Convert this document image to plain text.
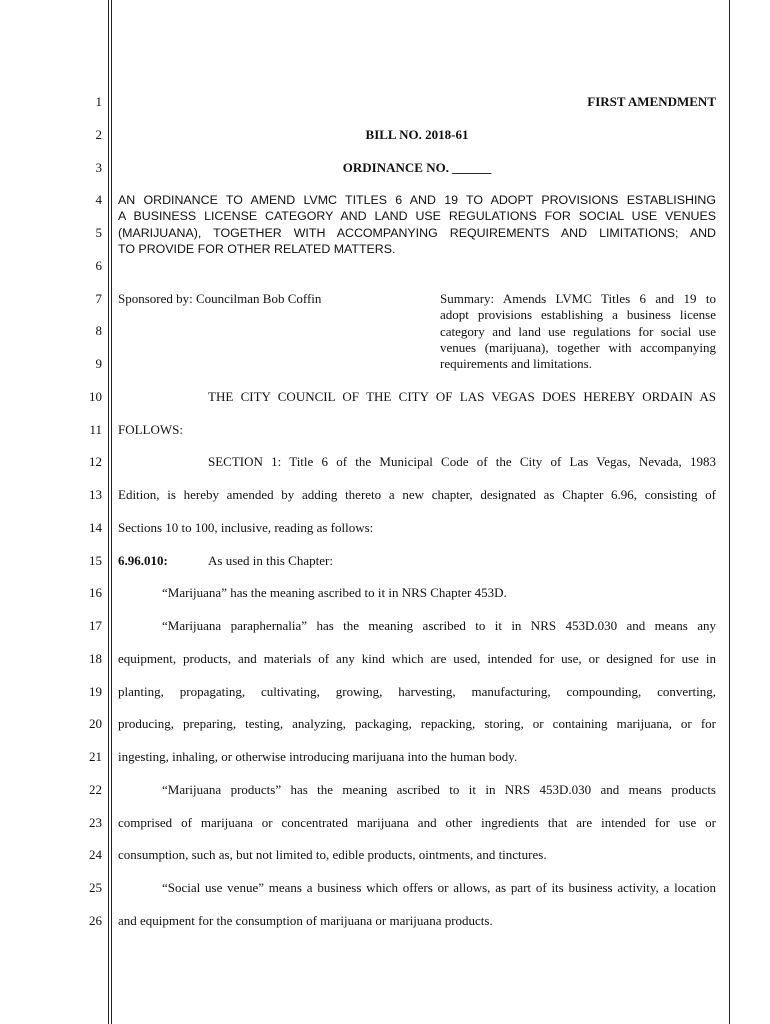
1
2
3
4
5
6
7
8
9
10
11
12
13
14
15
16
17
18
19
20
21
22
23
24
25
26
FIRST AMENDMENT
BILL NO. 2018-61
ORDINANCE NO. ______
AN ORDINANCE TO AMEND LVMC TITLES 6 AND 19 TO ADOPT PROVISIONS ESTABLISHING
A BUSINESS LICENSE CATEGORY AND LAND USE REGULATIONS FOR SOCIAL USE VENUES
(MARIJUANA), TOGETHER WITH ACCOMPANYING REQUIREMENTS AND LIMITATIONS; AND
TO PROVIDE FOR OTHER RELATED MATTERS.
Sponsored by: Councilman Bob Coffin	Summary: Amends LVMC Titles 6 and 19 to
adopt provisions establishing a business license
category and land use regulations for social use
venues (marijuana), together with accompanying
requirements and limitations.
THE CITY COUNCIL OF THE CITY OF LAS VEGAS DOES HEREBY ORDAIN AS
FOLLOWS:
SECTION 1: Title 6 of the Municipal Code of the City of Las Vegas, Nevada, 1983
Edition, is hereby amended by adding thereto a new chapter, designated as Chapter 6.96, consisting of
Sections 10 to 100, inclusive, reading as follows:
6.96.010:	As used in this Chapter:
“Marijuana” has the meaning ascribed to it in NRS Chapter 453D.
“Marijuana paraphernalia” has the meaning ascribed to it in NRS 453D.030 and means any
equipment, products, and materials of any kind which are used, intended for use, or designed for use in
planting, propagating, cultivating, growing, harvesting, manufacturing, compounding, converting,
producing, preparing, testing, analyzing, packaging, repacking, storing, or containing marijuana, or for
ingesting, inhaling, or otherwise introducing marijuana into the human body.
“Marijuana products” has the meaning ascribed to it in NRS 453D.030 and means products
comprised of marijuana or concentrated marijuana and other ingredients that are intended for use or
consumption, such as, but not limited to, edible products, ointments, and tinctures.
“Social use venue” means a business which offers or allows, as part of its business activity, a location
and equipment for the consumption of marijuana or marijuana products.
